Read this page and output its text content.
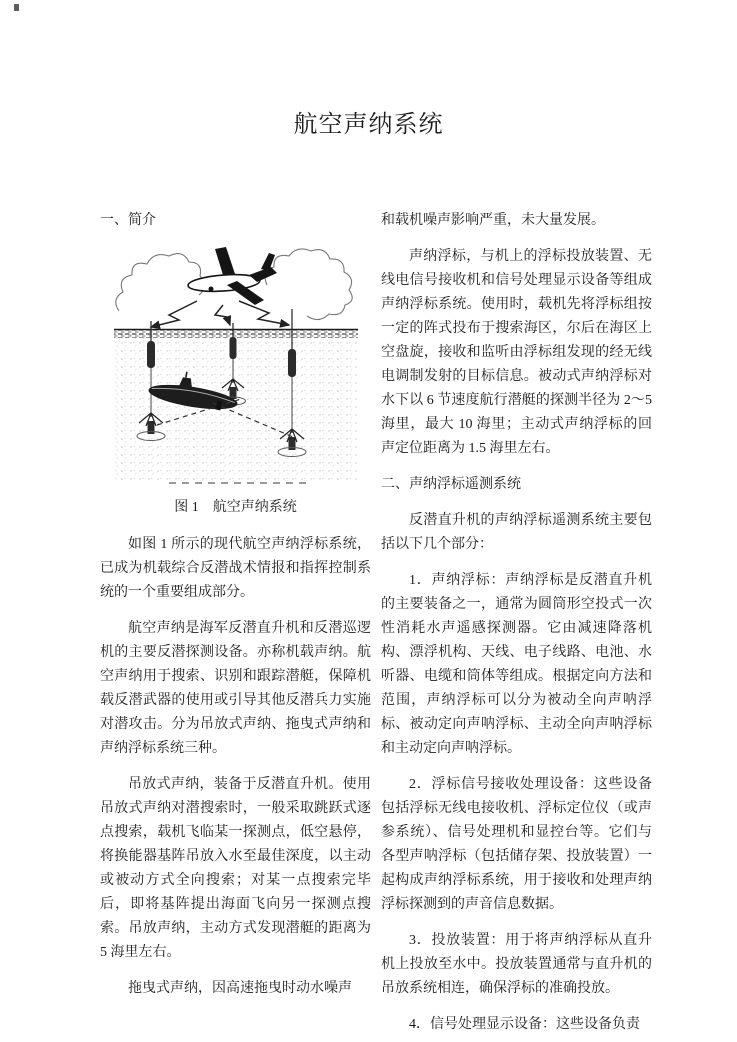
航空声纳系统
一、简介
图 1　航空声纳系统

如图 1 所示的现代航空声纳浮标系统，已成为机载综合反潜战术情报和指挥控制系统的一个重要组成部分。

航空声纳是海军反潜直升机和反潜巡逻机的主要反潜探测设备。亦称机载声纳。航空声纳用于搜索、识别和跟踪潜艇，保障机载反潜武器的使用或引导其他反潜兵力实施对潜攻击。分为吊放式声纳、拖曳式声纳和声纳浮标系统三种。

吊放式声纳，装备于反潜直升机。使用吊放式声纳对潜搜索时，一般采取跳跃式逐点搜索，载机飞临某一探测点，低空悬停，将换能器基阵吊放入水至最佳深度，以主动或被动方式全向搜索；对某一点搜索完毕后，即将基阵提出海面飞向另一探测点搜索。吊放声纳，主动方式发现潜艇的距离为 5 海里左右。

拖曳式声纳，因高速拖曳时动水噪声

和载机噪声影响严重，未大量发展。

声纳浮标，与机上的浮标投放装置、无线电信号接收机和信号处理显示设备等组成声纳浮标系统。使用时，载机先将浮标组按一定的阵式投布于搜索海区，尔后在海区上空盘旋，接收和监听由浮标组发现的经无线电调制发射的目标信息。被动式声纳浮标对水下以 6 节速度航行潜艇的探测半径为 2～5 海里，最大 10 海里；主动式声纳浮标的回声定位距离为 1.5 海里左右。

二、声纳浮标遥测系统

反潜直升机的声纳浮标遥测系统主要包括以下几个部分：

1．声纳浮标：声纳浮标是反潜直升机的主要装备之一，通常为圆筒形空投式一次性消耗水声遥感探测器。它由减速降落机构、漂浮机构、天线、电子线路、电池、水听器、电缆和筒体等组成。根据定向方法和范围，声纳浮标可以分为被动全向声呐浮标、被动定向声呐浮标、主动全向声呐浮标和主动定向声呐浮标。

2．浮标信号接收处理设备：这些设备包括浮标无线电接收机、浮标定位仪（或声参系统）、信号处理机和显控台等。它们与各型声呐浮标（包括储存架、投放装置）一起构成声纳浮标系统，用于接收和处理声纳浮标探测到的声音信息数据。

3．投放装置：用于将声纳浮标从直升机上投放至水中。投放装置通常与直升机的吊放系统相连，确保浮标的准确投放。

4．信号处理显示设备：这些设备负责
